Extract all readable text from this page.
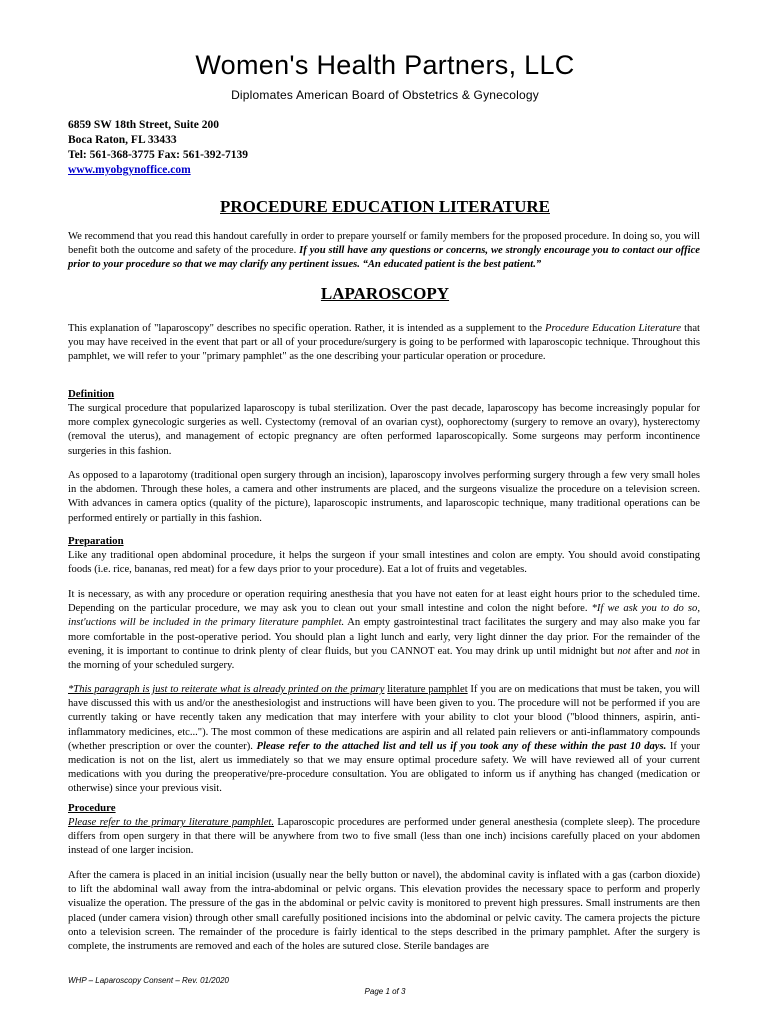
Women's Health Partners, LLC
Diplomates American Board of Obstetrics & Gynecology
6859 SW 18th Street, Suite 200
Boca Raton, FL 33433
Tel: 561-368-3775 Fax: 561-392-7139
www.myobgynoffice.com
PROCEDURE EDUCATION LITERATURE
We recommend that you read this handout carefully in order to prepare yourself or family members for the proposed procedure. In doing so, you will benefit both the outcome and safety of the procedure. If you still have any questions or concerns, we strongly encourage you to contact our office prior to your procedure so that we may clarify any pertinent issues. “An educated patient is the best patient.”
LAPAROSCOPY
This explanation of "laparoscopy" describes no specific operation. Rather, it is intended as a supplement to the Procedure Education Literature that you may have received in the event that part or all of your procedure/surgery is going to be performed with laparoscopic technique. Throughout this pamphlet, we will refer to your "primary pamphlet" as the one describing your particular operation or procedure.
Definition
The surgical procedure that popularized laparoscopy is tubal sterilization. Over the past decade, laparoscopy has become increasingly popular for more complex gynecologic surgeries as well. Cystectomy (removal of an ovarian cyst), oophorectomy (surgery to remove an ovary), hysterectomy (removal the uterus), and management of ectopic pregnancy are often performed laparoscopically. Some surgeons may perform incontinence surgeries in this fashion.
As opposed to a laparotomy (traditional open surgery through an incision), laparoscopy involves performing surgery through a few very small holes in the abdomen. Through these holes, a camera and other instruments are placed, and the surgeons visualize the procedure on a television screen. With advances in camera optics (quality of the picture), laparoscopic instruments, and laparoscopic technique, many traditional operations can be performed entirely or partially in this fashion.
Preparation
Like any traditional open abdominal procedure, it helps the surgeon if your small intestines and colon are empty. You should avoid constipating foods (i.e. rice, bananas, red meat) for a few days prior to your procedure). Eat a lot of fruits and vegetables.
It is necessary, as with any procedure or operation requiring anesthesia that you have not eaten for at least eight hours prior to the scheduled time. Depending on the particular procedure, we may ask you to clean out your small intestine and colon the night before. *If we ask you to do so, inst'uctions will be included in the primary literature pamphlet. An empty gastrointestinal tract facilitates the surgery and may also make you far more comfortable in the post-operative period. You should plan a light lunch and early, very light dinner the day prior. For the remainder of the evening, it is important to continue to drink plenty of clear fluids, but you CANNOT eat. You may drink up until midnight but not after and not in the morning of your scheduled surgery.
*This paragraph is just to reiterate what is already printed on the primary literature pamphlet If you are on medications that must be taken, you will have discussed this with us and/or the anesthesiologist and instructions will have been given to you. The procedure will not be performed if you are currently taking or have recently taken any medication that may interfere with your ability to clot your blood ("blood thinners, aspirin, anti-inflammatory medicines, etc..."). The most common of these medications are aspirin and all related pain relievers or anti-inflammatory compounds (whether prescription or over the counter). Please refer to the attached list and tell us if you took any of these within the past 10 days. If your medication is not on the list, alert us immediately so that we may ensure optimal procedure safety. We will have reviewed all of your current medications with you during the preoperative/pre-procedure consultation. You are obligated to inform us if anything has changed (medication or otherwise) since your previous visit.
Procedure
Please refer to the primary literature pamphlet. Laparoscopic procedures are performed under general anesthesia (complete sleep). The procedure differs from open surgery in that there will be anywhere from two to five small (less than one inch) incisions carefully placed on your abdomen instead of one larger incision.
After the camera is placed in an initial incision (usually near the belly button or navel), the abdominal cavity is inflated with a gas (carbon dioxide) to lift the abdominal wall away from the intra-abdominal or pelvic organs. This elevation provides the necessary space to perform and properly visualize the operation. The pressure of the gas in the abdominal or pelvic cavity is monitored to prevent high pressures. Small instruments are then placed (under camera vision) through other small carefully positioned incisions into the abdominal or pelvic cavity. The camera projects the picture onto a television screen. The remainder of the procedure is fairly identical to the steps described in the primary pamphlet. After the surgery is complete, the instruments are removed and each of the holes are sutured close. Sterile bandages are
WHP – Laparoscopy Consent – Rev. 01/2020
Page 1 of 3
